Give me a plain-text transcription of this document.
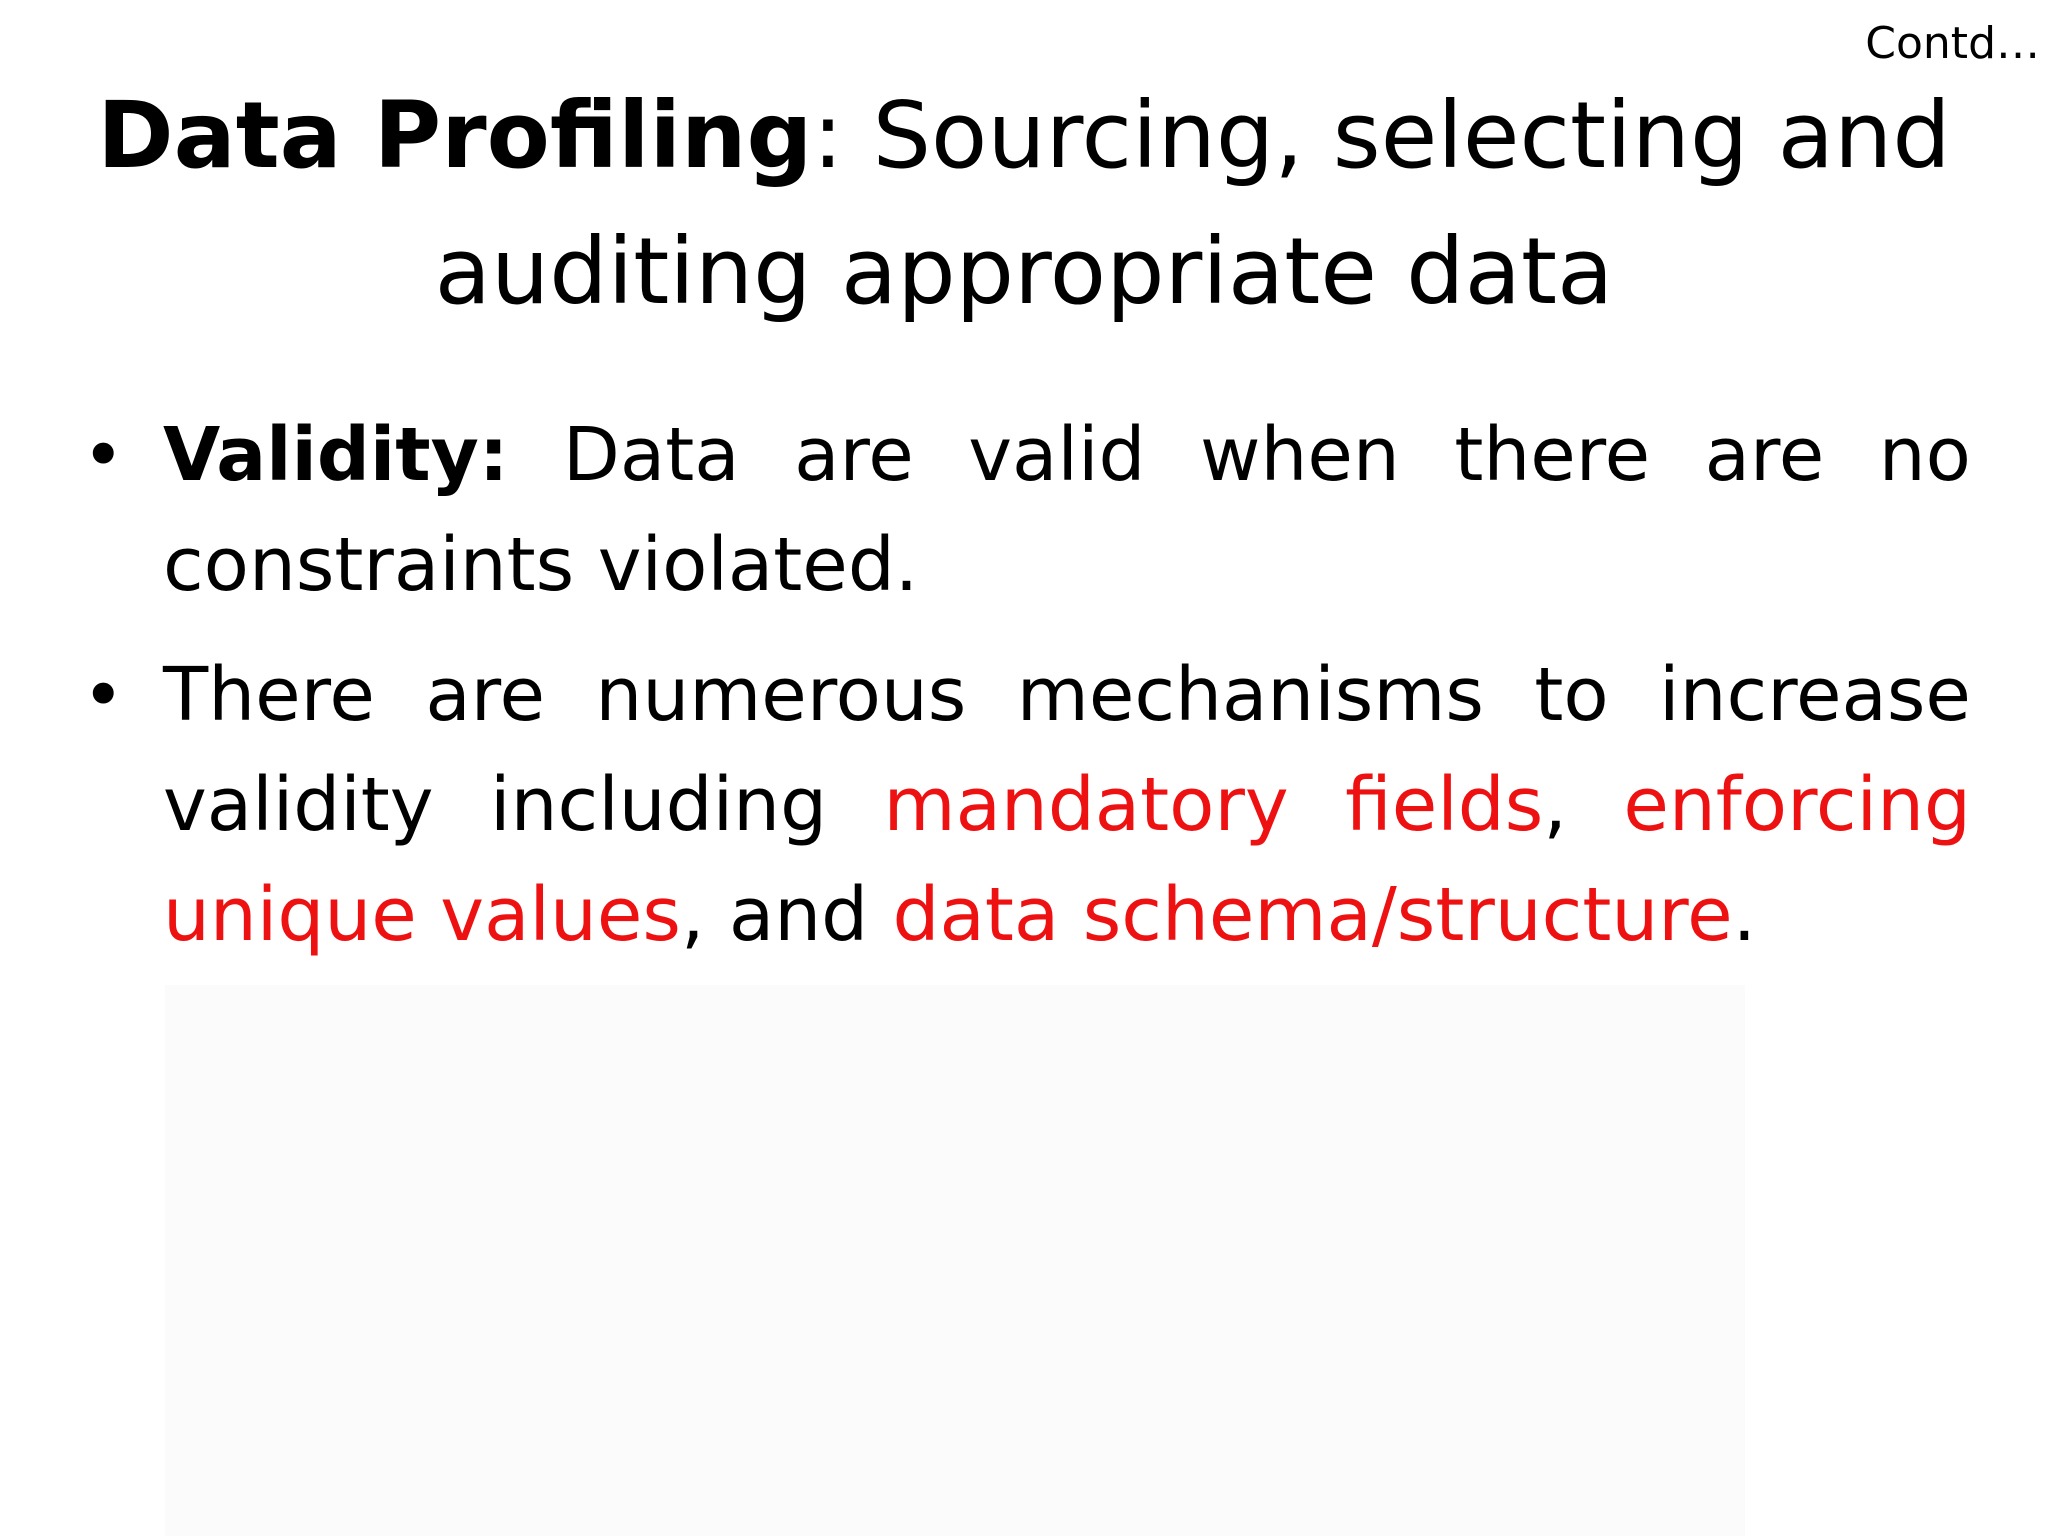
Contd…
Data Profiling: Sourcing, selecting and
auditing appropriate data
• Validity: Data are valid when there are no
constraints violated.
• There are numerous mechanisms to increase
validity including mandatory fields, enforcing
unique values, and data schema/structure.
